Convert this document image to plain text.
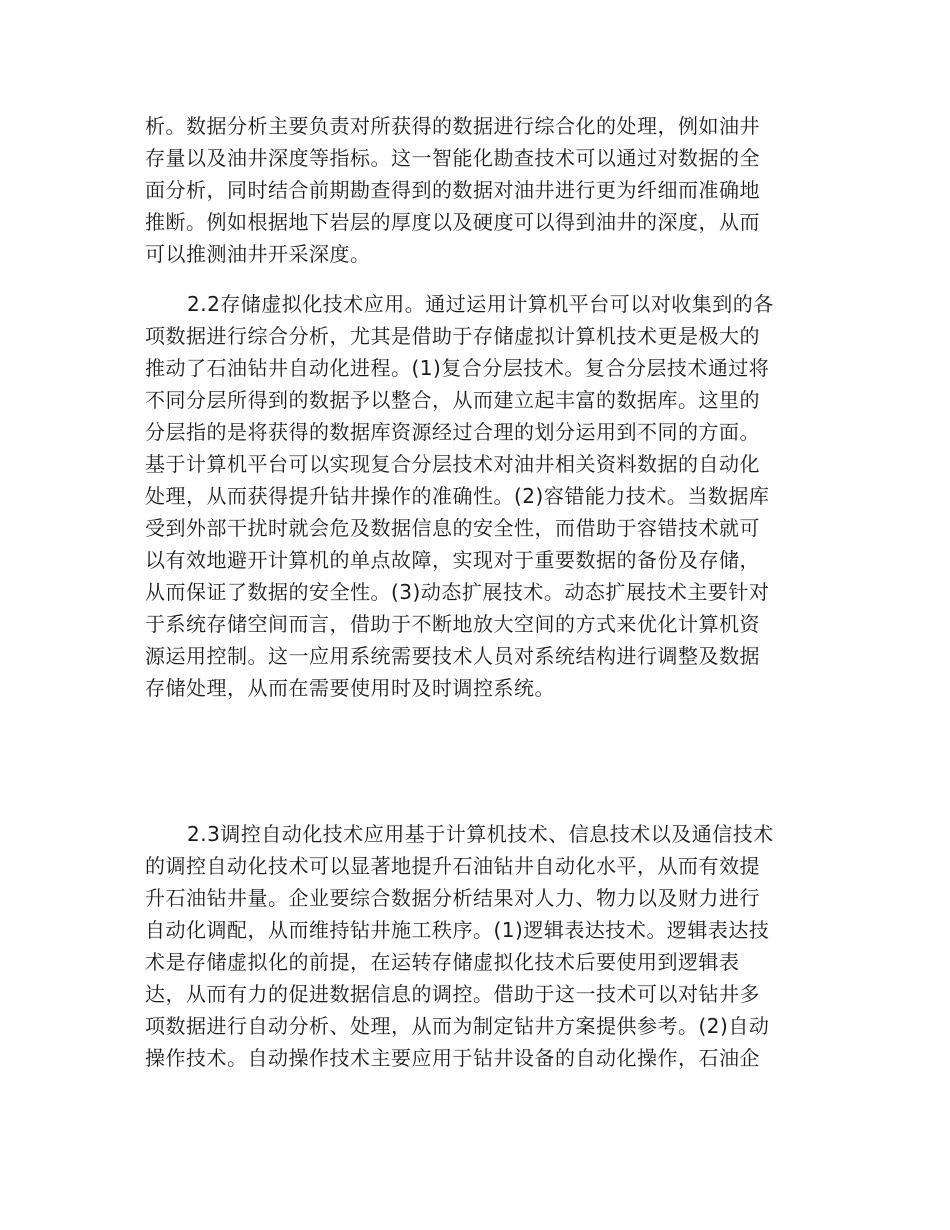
析。数据分析主要负责对所获得的数据进行综合化的处理，例如油井
存量以及油井深度等指标。这一智能化勘查技术可以通过对数据的全
面分析，同时结合前期勘查得到的数据对油井进行更为纤细而准确地
推断。例如根据地下岩层的厚度以及硬度可以得到油井的深度，从而
可以推测油井开采深度。
2.2存储虚拟化技术应用。通过运用计算机平台可以对收集到的各
项数据进行综合分析，尤其是借助于存储虚拟计算机技术更是极大的
推动了石油钻井自动化进程。(1)复合分层技术。复合分层技术通过将
不同分层所得到的数据予以整合，从而建立起丰富的数据库。这里的
分层指的是将获得的数据库资源经过合理的划分运用到不同的方面。
基于计算机平台可以实现复合分层技术对油井相关资料数据的自动化
处理，从而获得提升钻井操作的准确性。(2)容错能力技术。当数据库
受到外部干扰时就会危及数据信息的安全性，而借助于容错技术就可
以有效地避开计算机的单点故障，实现对于重要数据的备份及存储，
从而保证了数据的安全性。(3)动态扩展技术。动态扩展技术主要针对
于系统存储空间而言，借助于不断地放大空间的方式来优化计算机资
源运用控制。这一应用系统需要技术人员对系统结构进行调整及数据
存储处理，从而在需要使用时及时调控系统。
2.3调控自动化技术应用基于计算机技术、信息技术以及通信技术
的调控自动化技术可以显著地提升石油钻井自动化水平，从而有效提
升石油钻井量。企业要综合数据分析结果对人力、物力以及财力进行
自动化调配，从而维持钻井施工秩序。(1)逻辑表达技术。逻辑表达技
术是存储虚拟化的前提，在运转存储虚拟化技术后要使用到逻辑表
达，从而有力的促进数据信息的调控。借助于这一技术可以对钻井多
项数据进行自动分析、处理，从而为制定钻井方案提供参考。(2)自动
操作技术。自动操作技术主要应用于钻井设备的自动化操作，石油企
